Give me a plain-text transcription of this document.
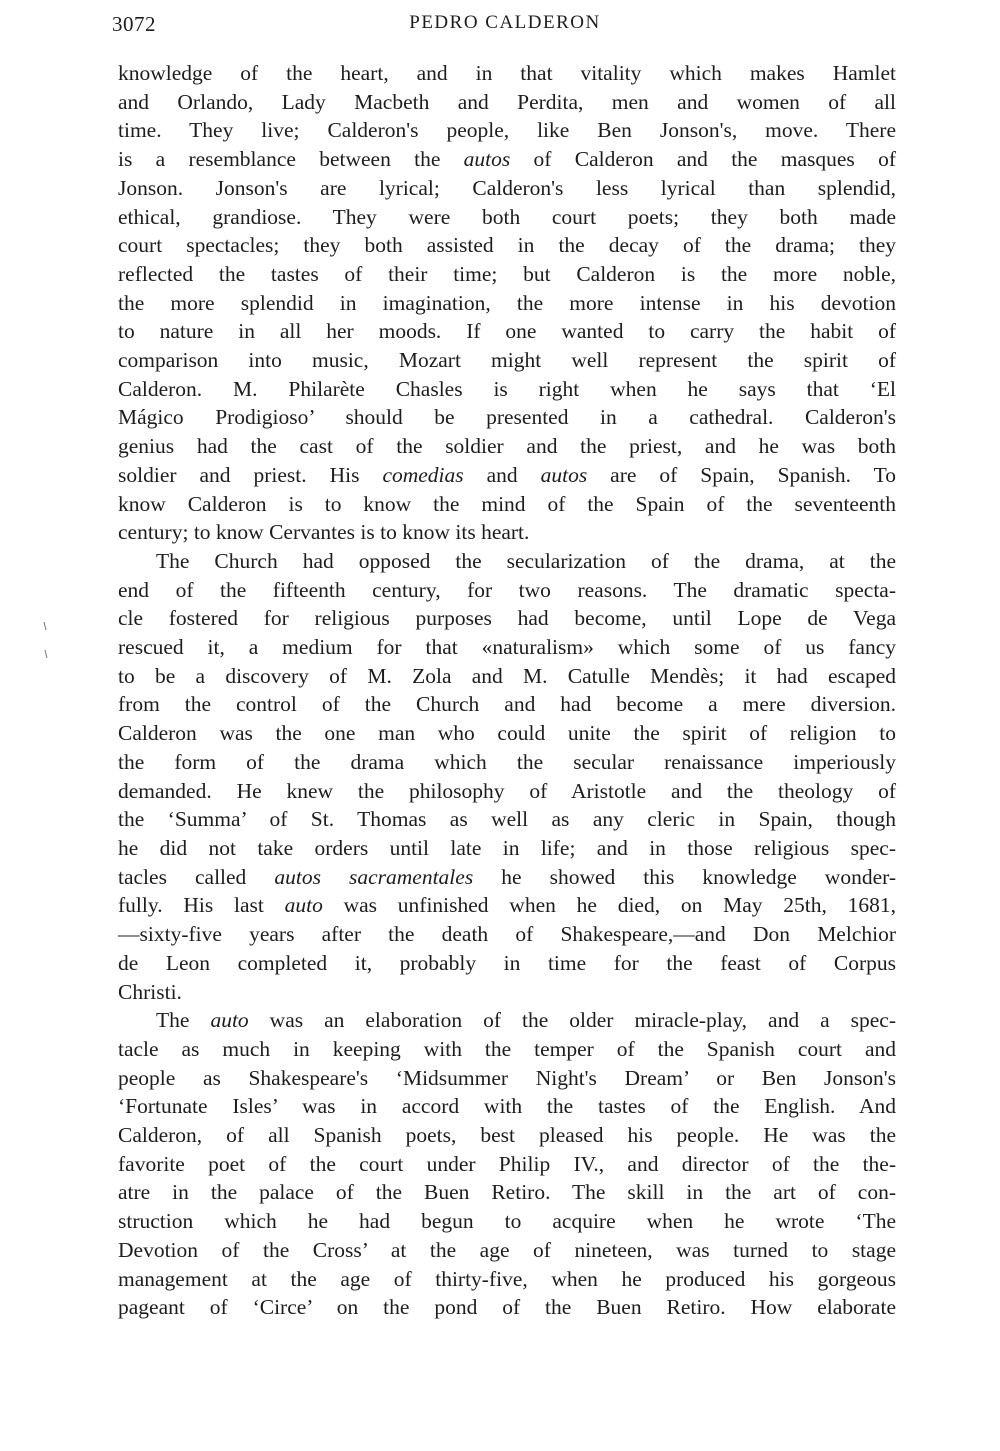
3072	PEDRO CALDERON
knowledge of the heart, and in that vitality which makes Hamlet
and Orlando, Lady Macbeth and Perdita, men and women of all
time. They live; Calderon's people, like Ben Jonson's, move. There
is a resemblance between the autos of Calderon and the masques of
Jonson. Jonson's are lyrical; Calderon's less lyrical than splendid,
ethical, grandiose. They were both court poets; they both made
court spectacles; they both assisted in the decay of the drama; they
reflected the tastes of their time; but Calderon is the more noble,
the more splendid in imagination, the more intense in his devotion
to nature in all her moods. If one wanted to carry the habit of
comparison into music, Mozart might well represent the spirit of
Calderon. M. Philarète Chasles is right when he says that ‘El
Mágico Prodigioso’ should be presented in a cathedral. Calderon's
genius had the cast of the soldier and the priest, and he was both
soldier and priest. His comedias and autos are of Spain, Spanish. To
know Calderon is to know the mind of the Spain of the seventeenth
century; to know Cervantes is to know its heart.
The Church had opposed the secularization of the drama, at the
end of the fifteenth century, for two reasons. The dramatic specta-
cle fostered for religious purposes had become, until Lope de Vega
rescued it, a medium for that «naturalism» which some of us fancy
to be a discovery of M. Zola and M. Catulle Mendès; it had escaped
from the control of the Church and had become a mere diversion.
Calderon was the one man who could unite the spirit of religion to
the form of the drama which the secular renaissance imperiously
demanded. He knew the philosophy of Aristotle and the theology of
the ‘Summa’ of St. Thomas as well as any cleric in Spain, though
he did not take orders until late in life; and in those religious spec-
tacles called autos sacramentales he showed this knowledge wonder-
fully. His last auto was unfinished when he died, on May 25th, 1681,
—sixty-five years after the death of Shakespeare,—and Don Melchior
de Leon completed it, probably in time for the feast of Corpus
Christi.
The auto was an elaboration of the older miracle-play, and a spec-
tacle as much in keeping with the temper of the Spanish court and
people as Shakespeare's ‘Midsummer Night's Dream’ or Ben Jonson's
‘Fortunate Isles’ was in accord with the tastes of the English. And
Calderon, of all Spanish poets, best pleased his people. He was the
favorite poet of the court under Philip IV., and director of the the-
atre in the palace of the Buen Retiro. The skill in the art of con-
struction which he had begun to acquire when he wrote ‘The
Devotion of the Cross’ at the age of nineteen, was turned to stage
management at the age of thirty-five, when he produced his gorgeous
pageant of ‘Circe’ on the pond of the Buen Retiro. How elaborate
